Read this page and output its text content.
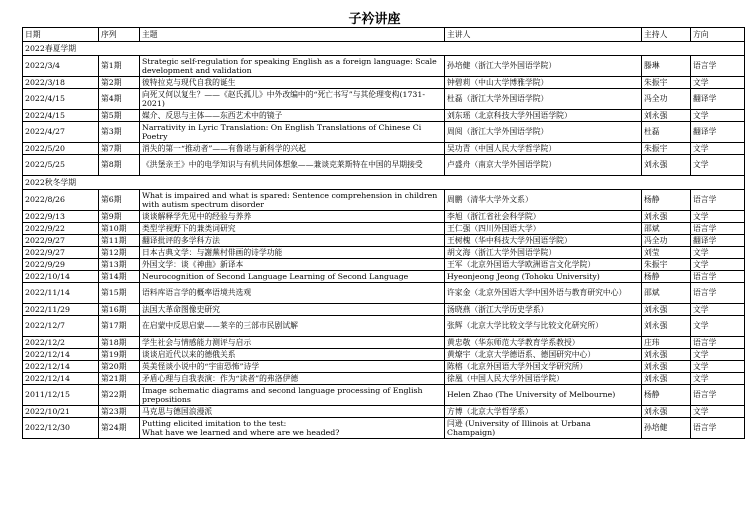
子衿讲座
日期	序列	主题	主讲人	主持人	方向
2022春夏学期					
2022/3/4	第1期	Strategic self-regulation for speaking English as a foreign language: Scale development and validation	孙培健（浙江大学外国语学院）	滕琳	语言学
2022/3/18	第2期	彼特拉克与现代自我的诞生	钟碧莉（中山大学博雅学院）	朱振宇	文学
2022/4/15	第4期	向死又何以复生？——《赵氏孤儿》中外改编中的“死亡书写”与其伦理变构(1731-2021)	杜磊（浙江大学外国语学院）	冯全功	翻译学
2022/4/15	第5期	媒介、反思与主体——东西艺术中的镜子	刘东瑶（北京科技大学外国语学院）	刘永强	文学
2022/4/27	第3期	Narrativity in Lyric Translation: On English Translations of Chinese Ci Poetry	周阅（浙江大学外国语学院）	杜磊	翻译学
2022/5/20	第7期	消失的第一“推动者”——有鲁诺与新科学的兴起	吴功青（中国人民大学哲学院）	朱振宇	文学
2022/5/25	第8期	《洪堡亲王》中的电学知识与有机共同体想象——兼谈克莱斯特在中国的早期接受	卢盛舟（南京大学外国语学院）	刘永强	文学
2022秋冬学期					
2022/8/26	第6期	What is impaired and what is spared: Sentence comprehension in children with autism spectrum disorder	周鹏（清华大学外文系）	杨静	语言学
2022/9/13	第9期	谈谈解释学先见中的经验与养养	李旭（浙江省社会科学院）	刘永强	文学
2022/9/22	第10期	类型学视野下的兼类词研究	王仁强（四川外国语大学）	邵斌	语言学
2022/9/27	第11期	翻译批评的多学科方法	王树槐（华中科技大学外国语学院）	冯全功	翻译学
2022/9/27	第12期	日本古典文学：与謝蕪村俳画的诗学功能	胡文海（浙江大学外国语学院）	刘莹	文学
2022/9/29	第13期	外国文学：谈《神曲》新译本	王军（北京外国语大学欧洲语言文化学院）	朱振宇	文学
2022/10/14	第14期	Neurocognition of Second Language Learning of Second Language	Hyeonjeong Jeong (Tohoku University)	杨静	语言学
2022/11/14	第15期	语料库语言学的概率语境共选观	许家金（北京外国语大学中国外语与教育研究中心）	邵斌	语言学
2022/11/29	第16期	法国大革命图像史研究	汤晓燕（浙江大学历史学系）	刘永强	文学
2022/12/7	第17期	在启蒙中反思启蒙——莱辛的三部市民剧试解	张辉（北京大学比较文学与比较文化研究所）	刘永强	文学
2022/12/2	第18期	学生社会与情感能力测评与启示	黄忠敬（华东师范大学教育学系教授）	庄玮	语言学
2022/12/14	第19期	谈谈启近代以来的德俄关系	黄燎宇（北京大学德语系、德国研究中心）	刘永强	文学
2022/12/14	第20期	英美怪谈小说中的“宇宙恐怖”诗学	陈榕（北京外国语大学外国文学研究所）	刘永强	文学
2022/12/14	第21期	矛盾心理与自我表演：作为“读者”的弗洛伊德	徐凰（中国人民大学外国语学院）	刘永强	文学
2011/12/15	第22期	Image schematic diagrams and second language processing of English prepositions	Helen Zhao (The University of Melbourne)	杨静	语言学
2022/10/21	第23期	马克思与德国浪漫派	方博（北京大学哲学系）	刘永强	文学
2022/12/30	第24期	Putting elicited imitation to the test:
What have we learned and where are we headed?	闫逊 (University of Illinois at Urbana Champaign)	孙培健	语言学
